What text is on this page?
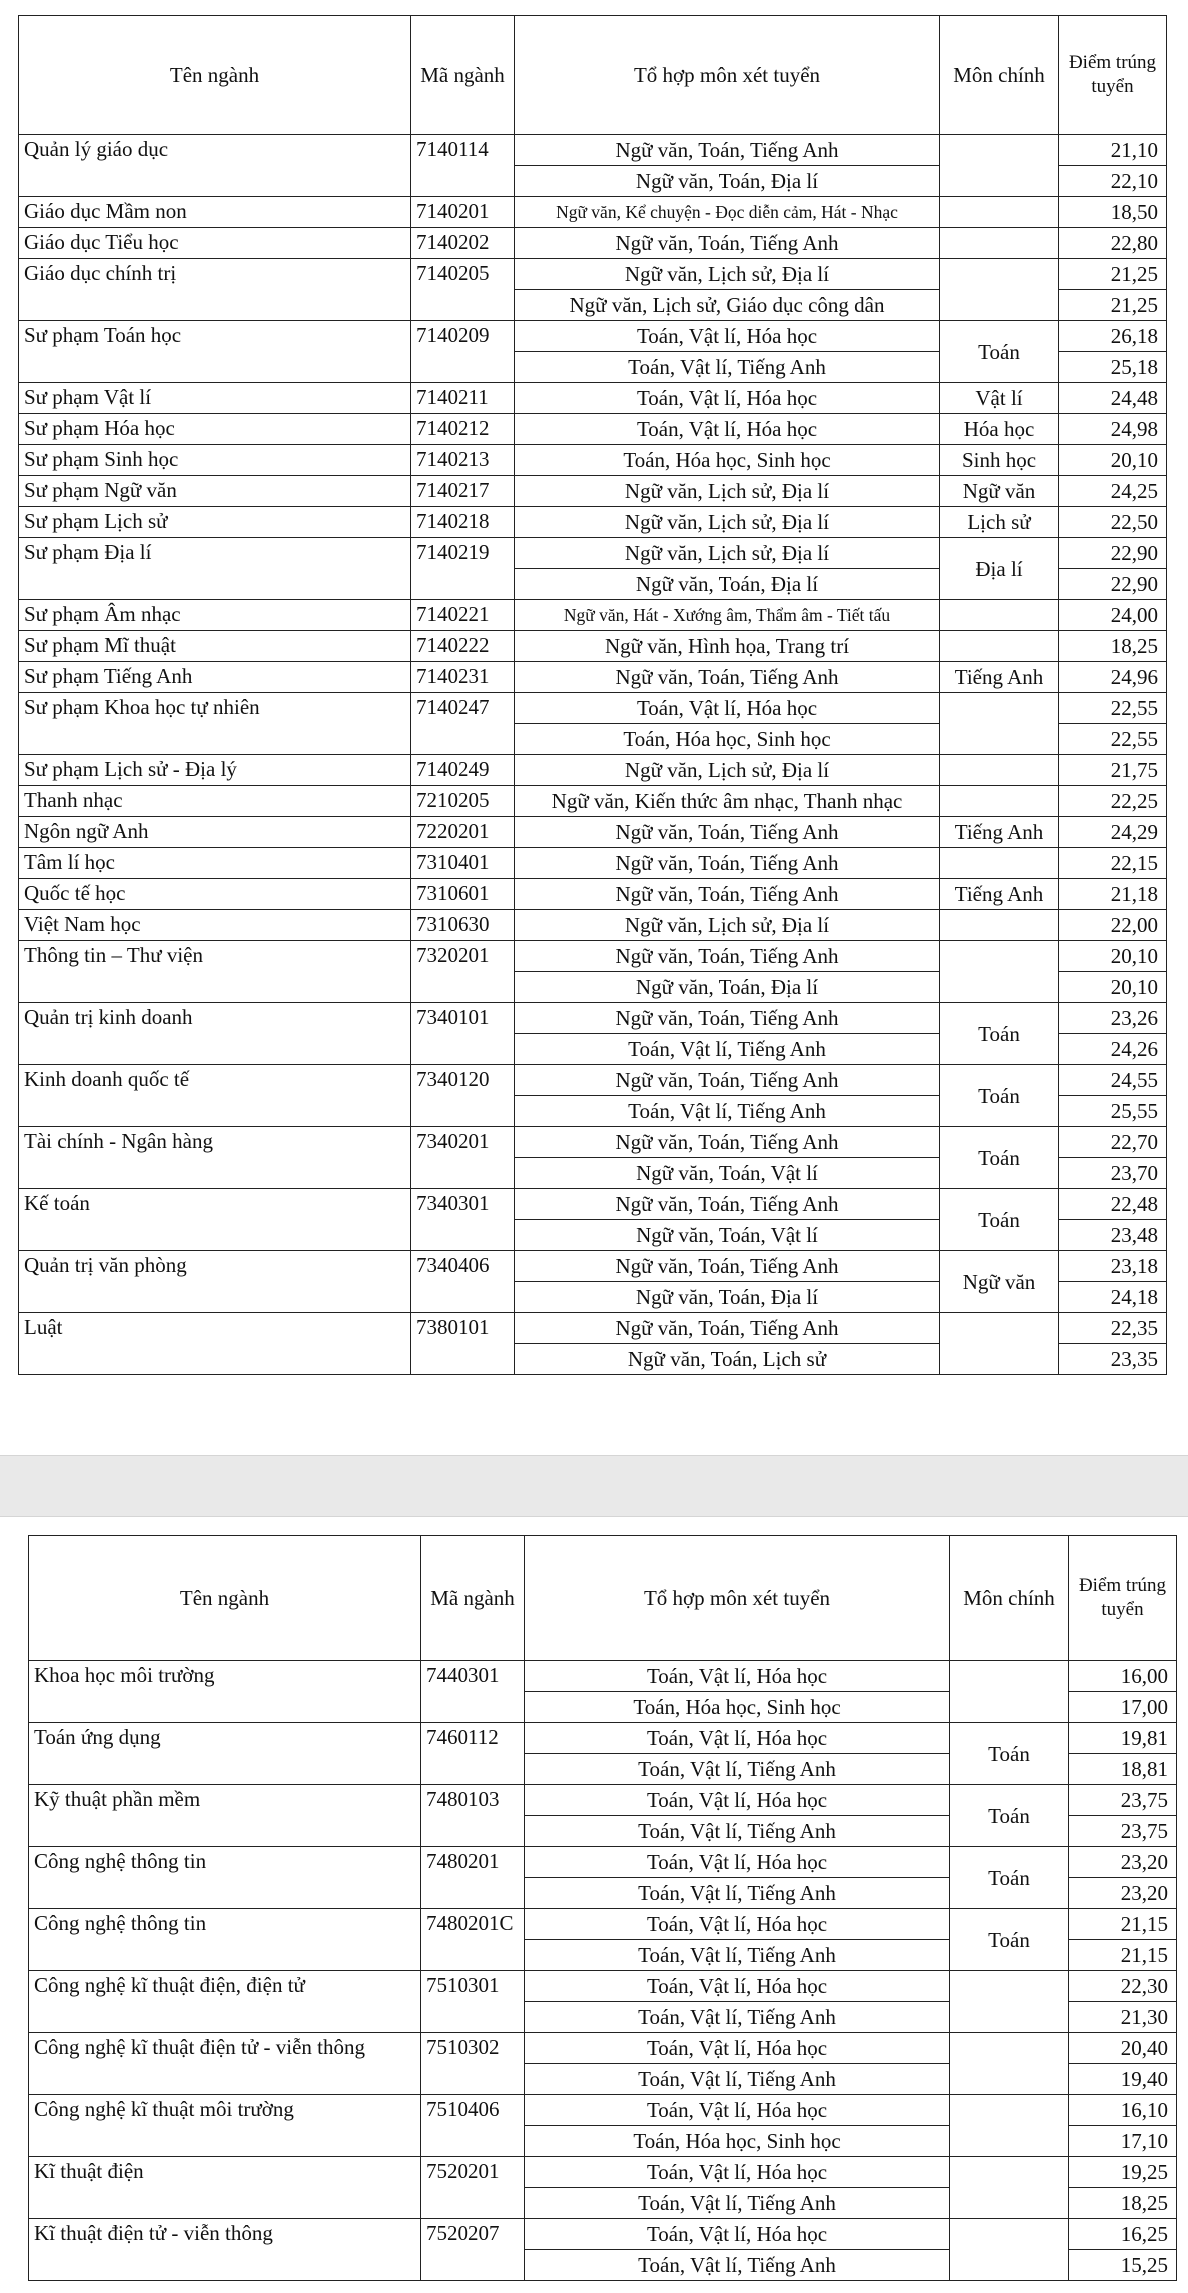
Tên ngành	Mã ngành	Tổ hợp môn xét tuyển	Môn chính	Điểm trúng tuyển
Quản lý giáo dục	7140114	Ngữ văn, Toán, Tiếng Anh		21,10
		Ngữ văn, Toán, Địa lí		22,10
Giáo dục Mầm non	7140201	Ngữ văn, Kể chuyện - Đọc diễn cảm, Hát - Nhạc		18,50
Giáo dục Tiểu học	7140202	Ngữ văn, Toán, Tiếng Anh		22,80
Giáo dục chính trị	7140205	Ngữ văn, Lịch sử, Địa lí		21,25
		Ngữ văn, Lịch sử, Giáo dục công dân		21,25
Sư phạm Toán học	7140209	Toán, Vật lí, Hóa học	Toán	26,18
		Toán, Vật lí, Tiếng Anh		25,18
Sư phạm Vật lí	7140211	Toán, Vật lí, Hóa học	Vật lí	24,48
Sư phạm Hóa học	7140212	Toán, Vật lí, Hóa học	Hóa học	24,98
Sư phạm Sinh học	7140213	Toán, Hóa học, Sinh học	Sinh học	20,10
Sư phạm Ngữ văn	7140217	Ngữ văn, Lịch sử, Địa lí	Ngữ văn	24,25
Sư phạm Lịch sử	7140218	Ngữ văn, Lịch sử, Địa lí	Lịch sử	22,50
Sư phạm Địa lí	7140219	Ngữ văn, Lịch sử, Địa lí	Địa lí	22,90
		Ngữ văn, Toán, Địa lí		22,90
Sư phạm Âm nhạc	7140221	Ngữ văn, Hát - Xướng âm, Thẩm âm - Tiết tấu		24,00
Sư phạm Mĩ thuật	7140222	Ngữ văn, Hình họa, Trang trí		18,25
Sư phạm Tiếng Anh	7140231	Ngữ văn, Toán, Tiếng Anh	Tiếng Anh	24,96
Sư phạm Khoa học tự nhiên	7140247	Toán, Vật lí, Hóa học		22,55
		Toán, Hóa học, Sinh học		22,55
Sư phạm Lịch sử - Địa lý	7140249	Ngữ văn, Lịch sử, Địa lí		21,75
Thanh nhạc	7210205	Ngữ văn, Kiến thức âm nhạc, Thanh nhạc		22,25
Ngôn ngữ Anh	7220201	Ngữ văn, Toán, Tiếng Anh	Tiếng Anh	24,29
Tâm lí học	7310401	Ngữ văn, Toán, Tiếng Anh		22,15
Quốc tế học	7310601	Ngữ văn, Toán, Tiếng Anh	Tiếng Anh	21,18
Việt Nam học	7310630	Ngữ văn, Lịch sử, Địa lí		22,00
Thông tin – Thư viện	7320201	Ngữ văn, Toán, Tiếng Anh		20,10
		Ngữ văn, Toán, Địa lí		20,10
Quản trị kinh doanh	7340101	Ngữ văn, Toán, Tiếng Anh	Toán	23,26
		Toán, Vật lí, Tiếng Anh		24,26
Kinh doanh quốc tế	7340120	Ngữ văn, Toán, Tiếng Anh	Toán	24,55
		Toán, Vật lí, Tiếng Anh		25,55
Tài chính - Ngân hàng	7340201	Ngữ văn, Toán, Tiếng Anh	Toán	22,70
		Ngữ văn, Toán, Vật lí		23,70
Kế toán	7340301	Ngữ văn, Toán, Tiếng Anh	Toán	22,48
		Ngữ văn, Toán, Vật lí		23,48
Quản trị văn phòng	7340406	Ngữ văn, Toán, Tiếng Anh	Ngữ văn	23,18
		Ngữ văn, Toán, Địa lí		24,18
Luật	7380101	Ngữ văn, Toán, Tiếng Anh		22,35
		Ngữ văn, Toán, Lịch sử		23,35
Tên ngành	Mã ngành	Tổ hợp môn xét tuyển	Môn chính	Điểm trúng tuyển
Khoa học môi trường	7440301	Toán, Vật lí, Hóa học		16,00
		Toán, Hóa học, Sinh học		17,00
Toán ứng dụng	7460112	Toán, Vật lí, Hóa học	Toán	19,81
		Toán, Vật lí, Tiếng Anh		18,81
Kỹ thuật phần mềm	7480103	Toán, Vật lí, Hóa học	Toán	23,75
		Toán, Vật lí, Tiếng Anh		23,75
Công nghệ thông tin	7480201	Toán, Vật lí, Hóa học	Toán	23,20
		Toán, Vật lí, Tiếng Anh		23,20
Công nghệ thông tin	7480201C	Toán, Vật lí, Hóa học	Toán	21,15
		Toán, Vật lí, Tiếng Anh		21,15
Công nghệ kĩ thuật điện, điện tử	7510301	Toán, Vật lí, Hóa học		22,30
		Toán, Vật lí, Tiếng Anh		21,30
Công nghệ kĩ thuật điện tử - viễn thông	7510302	Toán, Vật lí, Hóa học		20,40
		Toán, Vật lí, Tiếng Anh		19,40
Công nghệ kĩ thuật môi trường	7510406	Toán, Vật lí, Hóa học		16,10
		Toán, Hóa học, Sinh học		17,10
Kĩ thuật điện	7520201	Toán, Vật lí, Hóa học		19,25
		Toán, Vật lí, Tiếng Anh		18,25
Kĩ thuật điện tử - viễn thông	7520207	Toán, Vật lí, Hóa học		16,25
		Toán, Vật lí, Tiếng Anh		15,25
